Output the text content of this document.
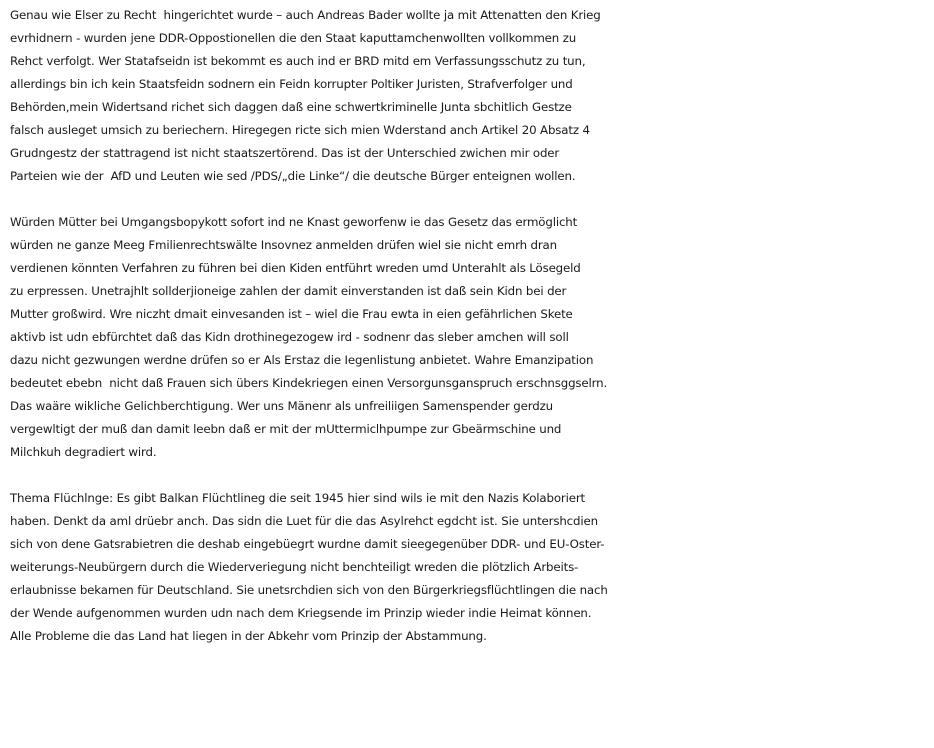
Genau wie Elser zu Recht  hingerichtet wurde – auch Andreas Bader wollte ja mit Attenatten den Krieg
evrhidnern - wurden jene DDR-Oppostionellen die den Staat kaputtamchenwollten vollkommen zu
Rehct verfolgt. Wer Statafseidn ist bekommt es auch ind er BRD mitd em Verfassungsschutz zu tun,
allerdings bin ich kein Staatsfeidn sodnern ein Feidn korrupter Poltiker Juristen, Strafverfolger und
Behörden,mein Widertsand richet sich daggen daß eine schwertkriminelle Junta sbchitlich Gestze
falsch ausleget umsich zu beriechern. Hiregegen ricte sich mien Wderstand anch Artikel 20 Absatz 4
Grudngestz der stattragend ist nicht staatszertörend. Das ist der Unterschied zwichen mir oder
Parteien wie der  AfD und Leuten wie sed /PDS/„die Linke“/ die deutsche Bürger enteignen wollen.
Würden Mütter bei Umgangsbopykott sofort ind ne Knast geworfenw ie das Gesetz das ermöglicht
würden ne ganze Meeg Fmilienrechtswälte Insovnez anmelden drüfen wiel sie nicht emrh dran
verdienen könnten Verfahren zu führen bei dien Kiden entführt wreden umd Unterahlt als Lösegeld
zu erpressen. Unetrajhlt sollderjioneige zahlen der damit einverstanden ist daß sein Kidn bei der
Mutter großwird. Wre niczht dmait einvesanden ist – wiel die Frau ewta in eien gefährlichen Skete
aktivb ist udn ebfürchtet daß das Kidn drothinegezogew ird - sodnenr das sleber amchen will soll
dazu nicht gezwungen werdne drüfen so er Als Erstaz die Iegenlistung anbietet. Wahre Emanzipation
bedeutet ebebn  nicht daß Frauen sich übers Kindekriegen einen Versorgunsganspruch erschnsggselrn.
Das waäre wikliche Gelichberchtigung. Wer uns Mänenr als unfreiliigen Samenspender gerdzu
vergewltigt der muß dan damit leebn daß er mit der mUttermiclhpumpe zur Gbeärmschine und
Milchkuh degradiert wird.
Thema Flüchlnge: Es gibt Balkan Flüchtlineg die seit 1945 hier sind wils ie mit den Nazis Kolaboriert
haben. Denkt da aml drüebr anch. Das sidn die Luet für die das Asylrehct egdcht ist. Sie untershcdien
sich von dene Gatsrabietren die deshab eingebüegrt wurdne damit sieegegenüber DDR- und EU-Oster-
weiterungs-Neubürgern durch die Wiederveriegung nicht benchteiligt wreden die plötzlich Arbeits-
erlaubnisse bekamen für Deutschland. Sie unetsrchdien sich von den Bürgerkriegsflüchtlingen die nach
der Wende aufgenommen wurden udn nach dem Kriegsende im Prinzip wieder indie Heimat können.
Alle Probleme die das Land hat liegen in der Abkehr vom Prinzip der Abstammung.
